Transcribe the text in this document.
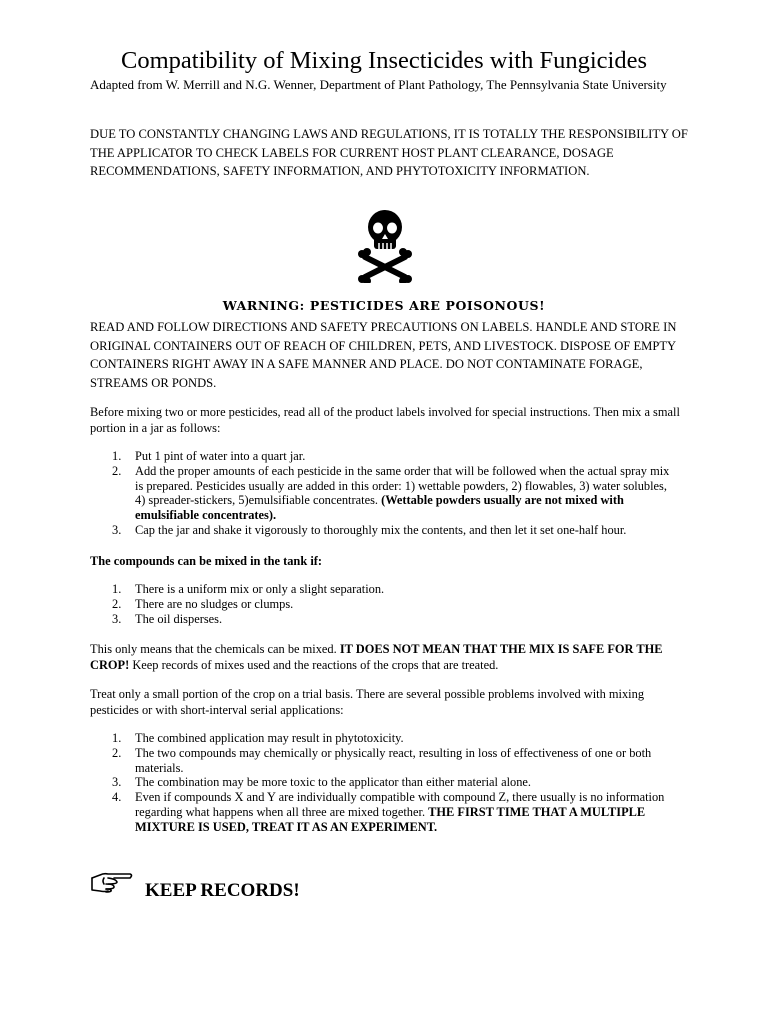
Compatibility of Mixing Insecticides with Fungicides

Adapted from W. Merrill and N.G. Wenner, Department of Plant Pathology, The Pennsylvania State University

DUE TO CONSTANTLY CHANGING LAWS AND REGULATIONS, IT IS TOTALLY THE RESPONSIBILITY OF THE APPLICATOR TO CHECK LABELS FOR CURRENT HOST PLANT CLEARANCE, DOSAGE RECOMMENDATIONS, SAFETY INFORMATION, AND PHYTOTOXICITY INFORMATION.

WARNING: PESTICIDES ARE POISONOUS!

READ AND FOLLOW DIRECTIONS AND SAFETY PRECAUTIONS ON LABELS. HANDLE AND STORE IN ORIGINAL CONTAINERS OUT OF REACH OF CHILDREN, PETS, AND LIVESTOCK. DISPOSE OF EMPTY CONTAINERS RIGHT AWAY IN A SAFE MANNER AND PLACE. DO NOT CONTAMINATE FORAGE, STREAMS OR PONDS.

Before mixing two or more pesticides, read all of the product labels involved for special instructions. Then mix a small portion in a jar as follows:

1. Put 1 pint of water into a quart jar.
2. Add the proper amounts of each pesticide in the same order that will be followed when the actual spray mix is prepared. Pesticides usually are added in this order: 1) wettable powders, 2) flowables, 3) water solubles, 4) spreader-stickers, 5)emulsifiable concentrates. (Wettable powders usually are not mixed with emulsifiable concentrates).
3. Cap the jar and shake it vigorously to thoroughly mix the contents, and then let it set one-half hour.

The compounds can be mixed in the tank if:

1. There is a uniform mix or only a slight separation.
2. There are no sludges or clumps.
3. The oil disperses.

This only means that the chemicals can be mixed. IT DOES NOT MEAN THAT THE MIX IS SAFE FOR THE CROP! Keep records of mixes used and the reactions of the crops that are treated.

Treat only a small portion of the crop on a trial basis. There are several possible problems involved with mixing pesticides or with short-interval serial applications:

1. The combined application may result in phytotoxicity.
2. The two compounds may chemically or physically react, resulting in loss of effectiveness of one or both materials.
3. The combination may be more toxic to the applicator than either material alone.
4. Even if compounds X and Y are individually compatible with compound Z, there usually is no information regarding what happens when all three are mixed together. THE FIRST TIME THAT A MULTIPLE MIXTURE IS USED, TREAT IT AS AN EXPERIMENT.

KEEP RECORDS!
